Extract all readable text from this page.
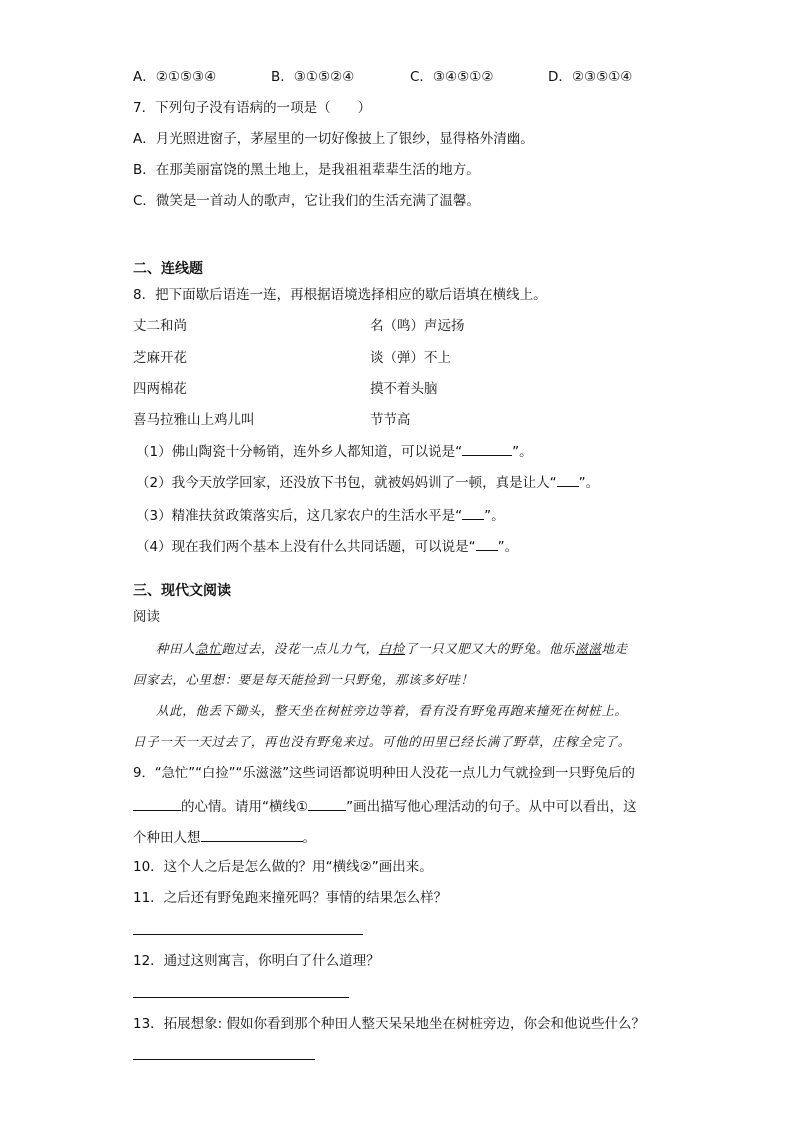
A．②①⑤③④	B．③①⑤②④	C．③④⑤①②	D．②③⑤①④
7．下列句子没有语病的一项是（　　）
A．月光照进窗子，茅屋里的一切好像披上了银纱，显得格外清幽。
B．在那美丽富饶的黑土地上，是我祖祖辈辈生活的地方。
C．微笑是一首动人的歌声，它让我们的生活充满了温馨。
二、连线题
8．把下面歇后语连一连，再根据语境选择相应的歇后语填在横线上。
丈二和尚	名（鸣）声远扬
芝麻开花	谈（弹）不上
四两棉花	摸不着头脑
喜马拉雅山上鸡儿叫	节节高
（1）佛山陶瓷十分畅销，连外乡人都知道，可以说是“	”。
（2）我今天放学回家，还没放下书包，就被妈妈训了一顿，真是让人“ ”。
（3）精准扶贫政策落实后，这几家农户的生活水平是“ ”。
（4）现在我们两个基本上没有什么共同话题，可以说是“ ”。
三、现代文阅读
阅读
种田人急忙跑过去，没花一点儿力气，白捡了一只又肥又大的野兔。他乐滋滋地走
回家去，心里想：要是每天能捡到一只野兔，那该多好哇！
从此，他丢下锄头，整天坐在树桩旁边等着，看有没有野兔再跑来撞死在树桩上。
日子一天一天过去了，再也没有野兔来过。可他的田里已经长满了野草，庄稼全完了。
9．“急忙”“白捡”“乐滋滋”这些词语都说明种田人没花一点儿力气就捡到一只野兔后的
的心情。请用“横线①	”画出描写他心理活动的句子。从中可以看出，这
个种田人想	。
10．这个人之后是怎么做的？用“横线②”画出来。
11．之后还有野兔跑来撞死吗？事情的结果怎么样？
12．通过这则寓言，你明白了什么道理？
13．拓展想象: 假如你看到那个种田人整天呆呆地坐在树桩旁边，你会和他说些什么？
